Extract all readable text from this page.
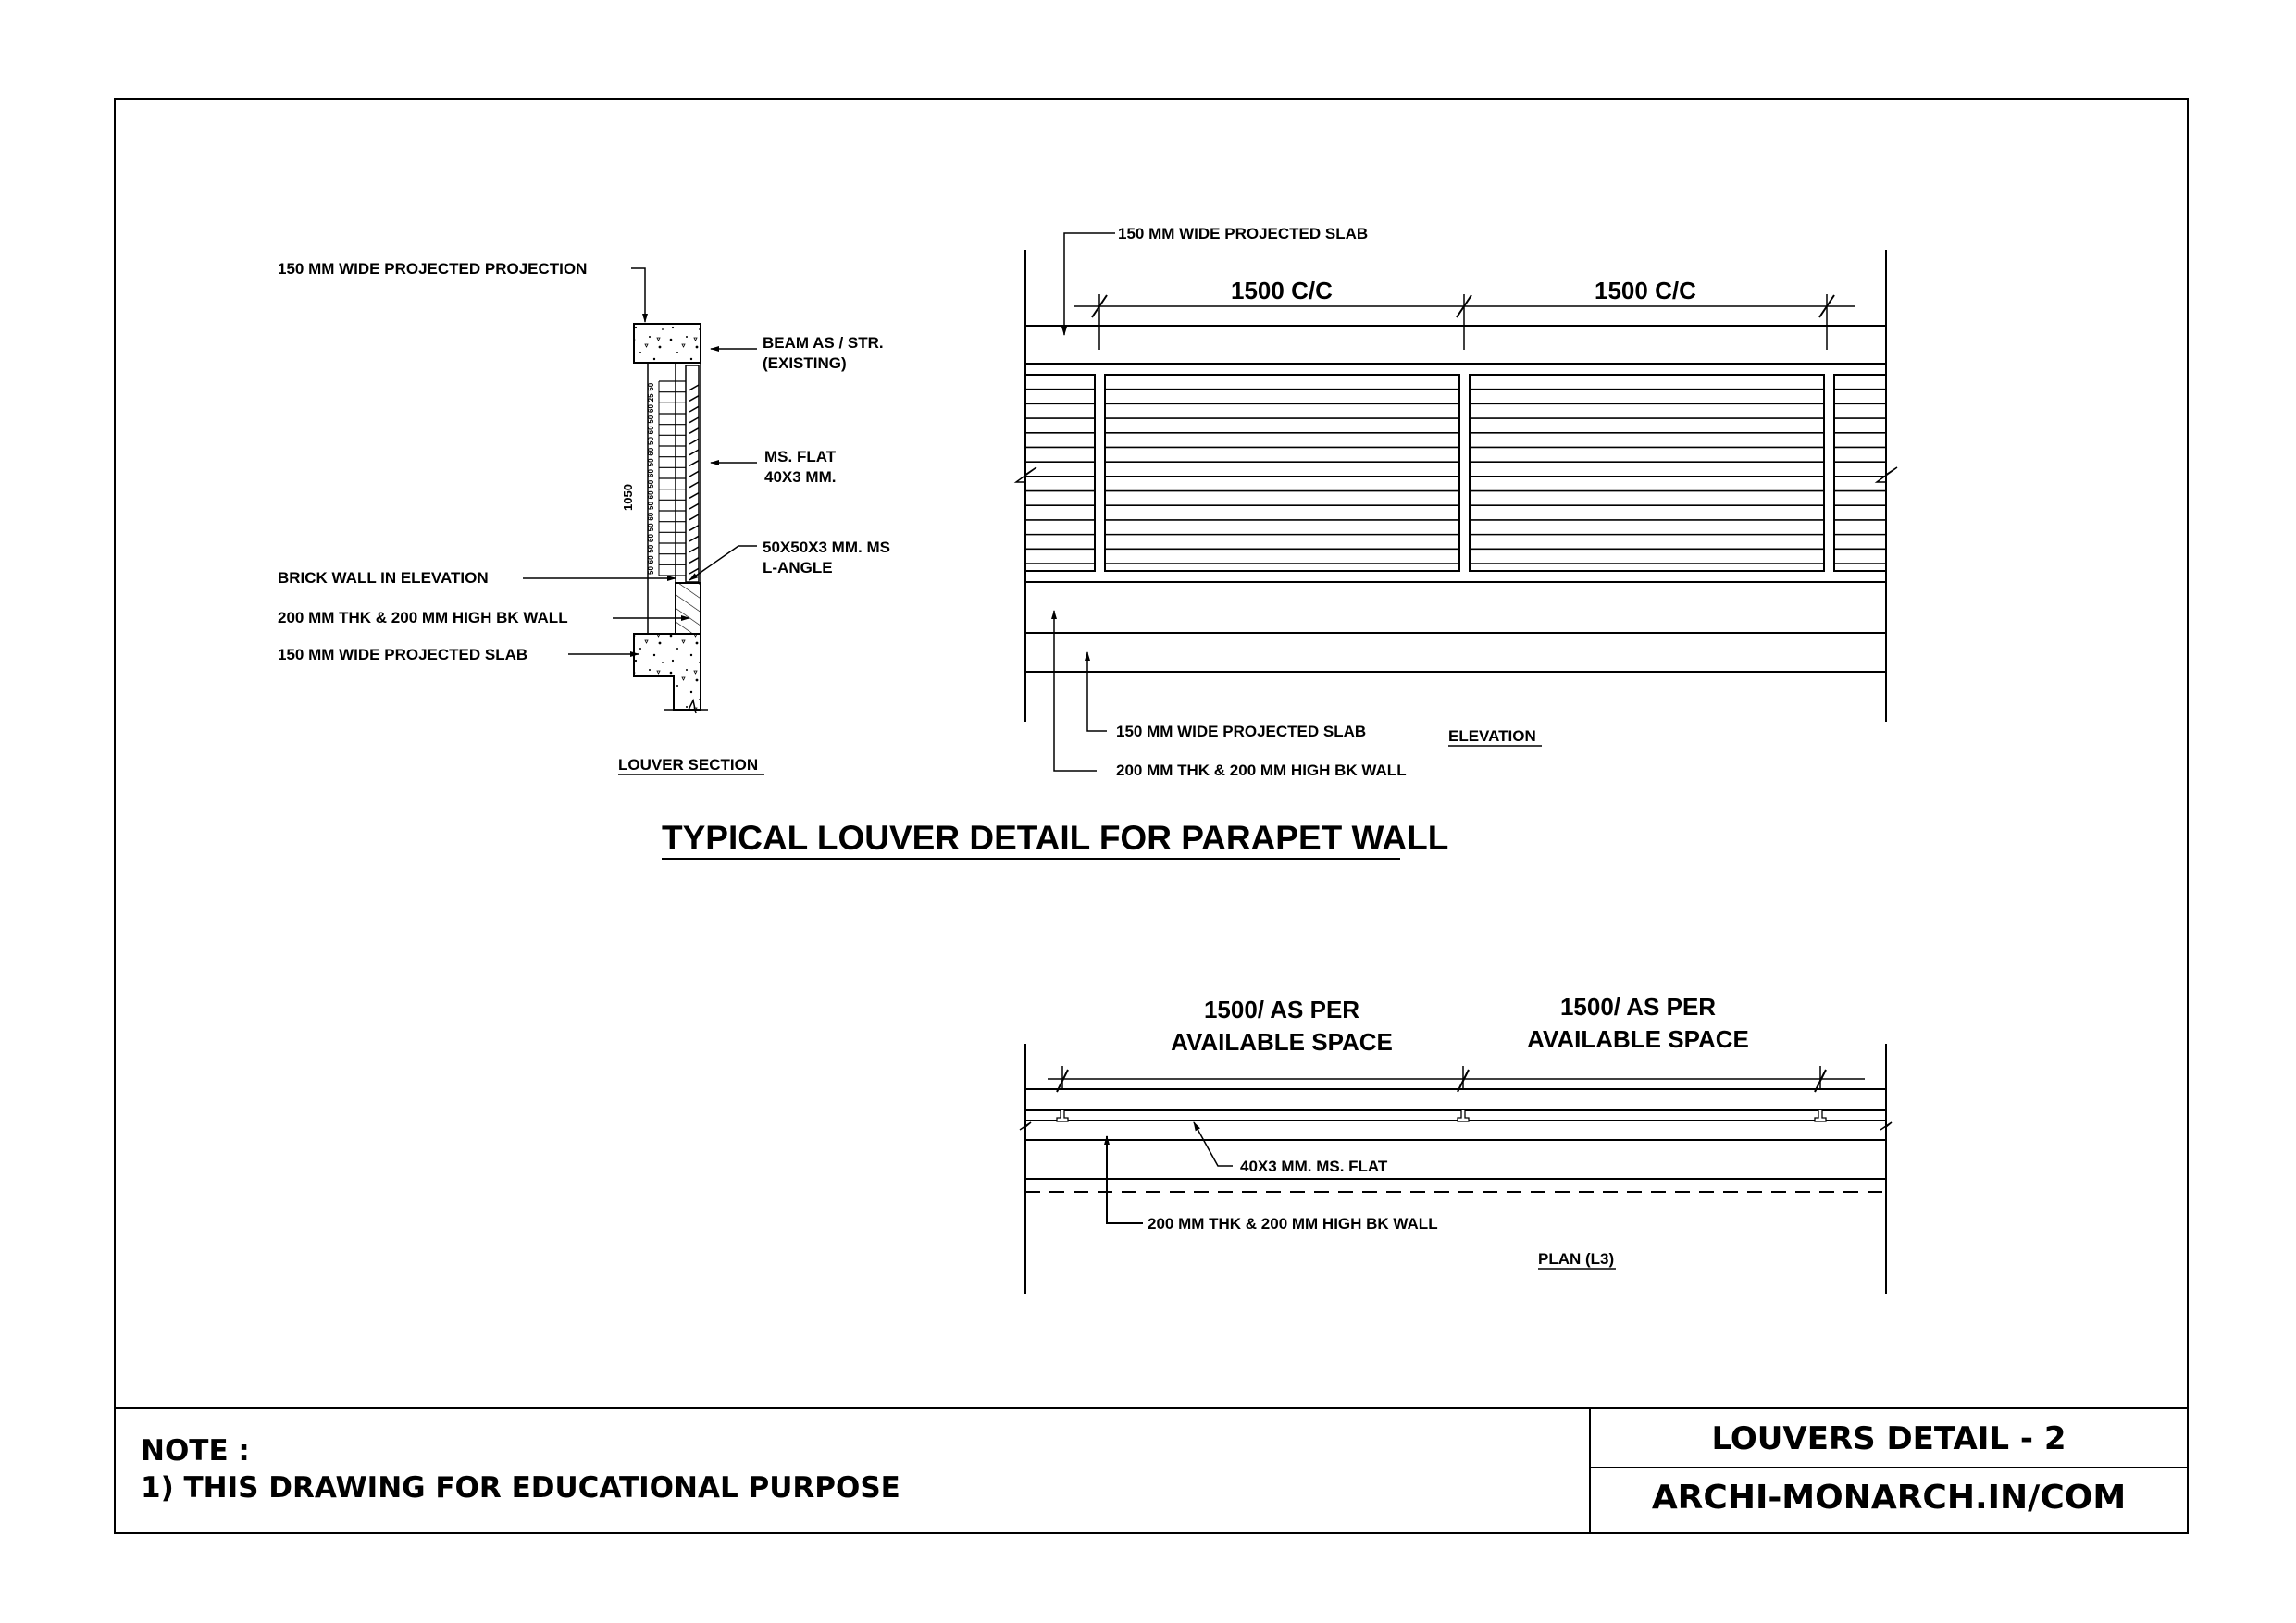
50
25
60
50
60
50
60
50
60
50
60
50
60
50
60
50
60
50
150 MM WIDE PROJECTED PROJECTION
BEAM AS / STR.
(EXISTING)
MS. FLAT
40X3 MM.
50X50X3 MM. MS
L-ANGLE
BRICK WALL IN ELEVATION
200 MM THK & 200 MM HIGH BK WALL
150 MM WIDE PROJECTED SLAB
1050
LOUVER SECTION
1500 C/C	1500 C/C
150 MM WIDE PROJECTED SLAB
150 MM WIDE PROJECTED SLAB
200 MM THK & 200 MM HIGH BK WALL
ELEVATION
TYPICAL LOUVER DETAIL FOR PARAPET WALL
1500/ AS PER
AVAILABLE SPACE
1500/ AS PER
AVAILABLE SPACE
40X3 MM. MS. FLAT
200 MM THK & 200 MM HIGH BK WALL
PLAN (L3)
NOTE :
1) THIS DRAWING FOR EDUCATIONAL PURPOSE
LOUVERS DETAIL - 2
ARCHI-MONARCH.IN/COM
